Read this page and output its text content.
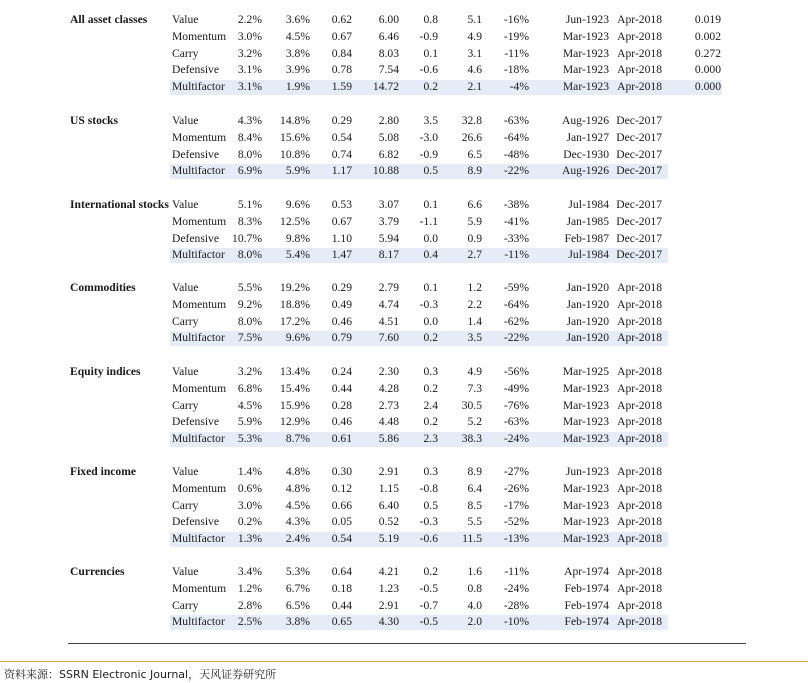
All asset classes Value	2.2%	3.6%	0.62	6.00	0.8	5.1	-16%	Jun-1923 Apr-2018	0.019
Momentum	3.0%	4.5%	0.67	6.46	-0.9	4.9	-19%	Mar-1923 Apr-2018	0.002
Carry	3.2%	3.8%	0.84	8.03	0.1	3.1	-11%	Mar-1923 Apr-2018	0.272
Defensive	3.1%	3.9%	0.78	7.54	-0.6	4.6	-18%	Mar-1923 Apr-2018	0.000
Multifactor	3.1%	1.9%	1.59	14.72	0.2	2.1	-4%	Mar-1923 Apr-2018	0.000
US stocks	Value	4.3%	14.8%	0.29	2.80	3.5	32.8	-63%	Aug-1926 Dec-2017
Momentum	8.4%	15.6%	0.54	5.08	-3.0	26.6	-64%	Jan-1927 Dec-2017
Defensive	8.0%	10.8%	0.74	6.82	-0.9	6.5	-48%	Dec-1930 Dec-2017
Multifactor	6.9%	5.9%	1.17	10.88	0.5	8.9	-22%	Aug-1926 Dec-2017
International stocks Value	5.1%	9.6%	0.53	3.07	0.1	6.6	-38%	Jul-1984 Dec-2017
Momentum	8.3%	12.5%	0.67	3.79	-1.1	5.9	-41%	Jan-1985 Dec-2017
Defensive	10.7%	9.8%	1.10	5.94	0.0	0.9	-33%	Feb-1987 Dec-2017
Multifactor	8.0%	5.4%	1.47	8.17	0.4	2.7	-11%	Jul-1984 Dec-2017
Commodities	Value	5.5%	19.2%	0.29	2.79	0.1	1.2	-59%	Jan-1920 Apr-2018
Momentum	9.2%	18.8%	0.49	4.74	-0.3	2.2	-64%	Jan-1920 Apr-2018
Carry	8.0%	17.2%	0.46	4.51	0.0	1.4	-62%	Jan-1920 Apr-2018
Multifactor	7.5%	9.6%	0.79	7.60	0.2	3.5	-22%	Jan-1920 Apr-2018
Equity indices	Value	3.2%	13.4%	0.24	2.30	0.3	4.9	-56%	Mar-1925 Apr-2018
Momentum	6.8%	15.4%	0.44	4.28	0.2	7.3	-49%	Mar-1923 Apr-2018
Carry	4.5%	15.9%	0.28	2.73	2.4	30.5	-76%	Mar-1923 Apr-2018
Defensive	5.9%	12.9%	0.46	4.48	0.2	5.2	-63%	Mar-1923 Apr-2018
Multifactor	5.3%	8.7%	0.61	5.86	2.3	38.3	-24%	Mar-1923 Apr-2018
Fixed income	Value	1.4%	4.8%	0.30	2.91	0.3	8.9	-27%	Jun-1923 Apr-2018
Momentum	0.6%	4.8%	0.12	1.15	-0.8	6.4	-26%	Mar-1923 Apr-2018
Carry	3.0%	4.5%	0.66	6.40	0.5	8.5	-17%	Mar-1923 Apr-2018
Defensive	0.2%	4.3%	0.05	0.52	-0.3	5.5	-52%	Mar-1923 Apr-2018
Multifactor	1.3%	2.4%	0.54	5.19	-0.6	11.5	-13%	Mar-1923 Apr-2018
Currencies	Value	3.4%	5.3%	0.64	4.21	0.2	1.6	-11%	Apr-1974 Apr-2018
Momentum	1.2%	6.7%	0.18	1.23	-0.5	0.8	-24%	Feb-1974 Apr-2018
Carry	2.8%	6.5%	0.44	2.91	-0.7	4.0	-28%	Feb-1974 Apr-2018
Multifactor	2.5%	3.8%	0.65	4.30	-0.5	2.0	-10%	Feb-1974 Apr-2018
资料来源：SSRN Electronic Journal，天风证券研究所
